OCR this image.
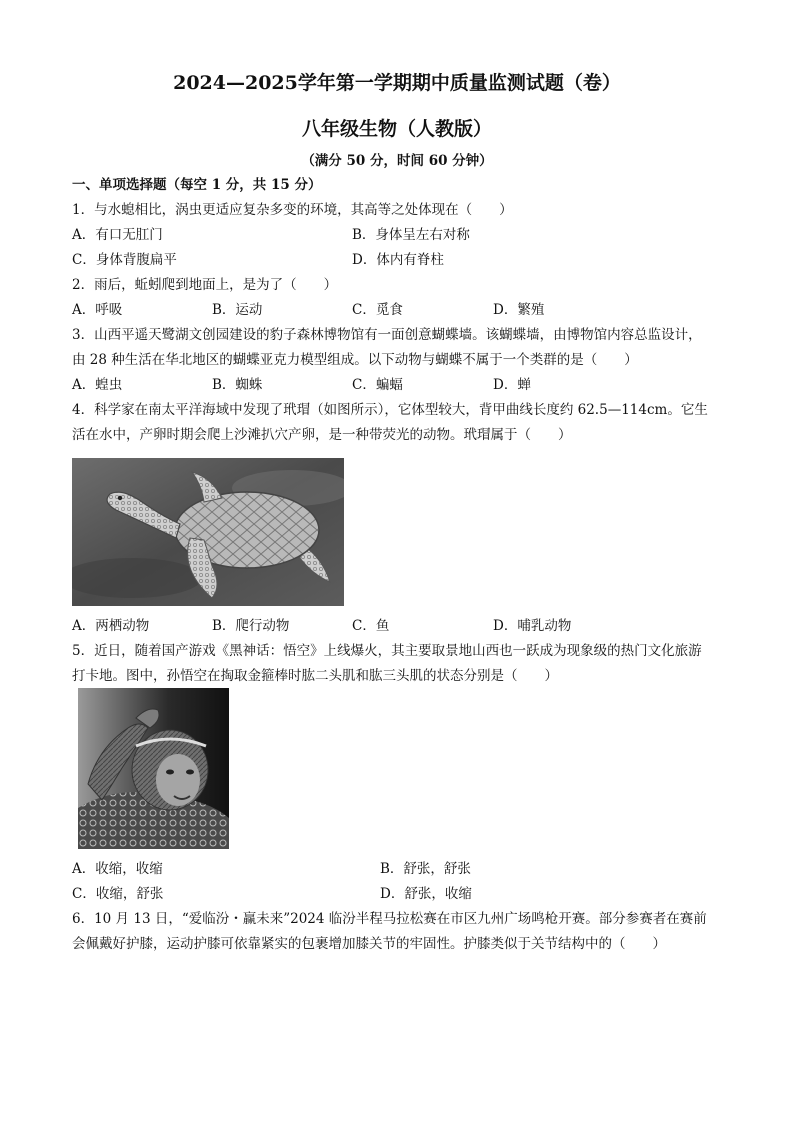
2024—2025学年第一学期期中质量监测试题（卷）
八年级生物（人教版）
（满分 50 分，时间 60 分钟）
一、单项选择题（每空 1 分，共 15 分）
1．与水螅相比，涡虫更适应复杂多变的环境，其高等之处体现在（　　）
A．有口无肛门	B．身体呈左右对称
C．身体背腹扁平	D．体内有脊柱
2．雨后，蚯蚓爬到地面上，是为了（　　）
A．呼吸	B．运动	C．觅食	D．繁殖
3．山西平遥天鹭湖文创园建设的豹子森林博物馆有一面创意蝴蝶墙。该蝴蝶墙，由博物馆内容总监设计，
由 28 种生活在华北地区的蝴蝶亚克力模型组成。以下动物与蝴蝶不属于一个类群的是（　　）
A．蝗虫	B．蜘蛛	C．蝙蝠	D．蝉
4．科学家在南太平洋海域中发现了玳瑁（如图所示），它体型较大，背甲曲线长度约 62.5—114cm。它生
活在水中，产卵时期会爬上沙滩扒穴产卵，是一种带荧光的动物。玳瑁属于（　　）
A．两栖动物	B．爬行动物	C．鱼	D．哺乳动物
5．近日，随着国产游戏《黑神话：悟空》上线爆火，其主要取景地山西也一跃成为现象级的热门文化旅游
打卡地。图中，孙悟空在掏取金箍棒时肱二头肌和肱三头肌的状态分别是（　　）
A．收缩，收缩	B．舒张，舒张
C．收缩，舒张	D．舒张，收缩
6．10 月 13 日，“爱临汾・赢未来”2024 临汾半程马拉松赛在市区九州广场鸣枪开赛。部分参赛者在赛前
会佩戴好护膝，运动护膝可依靠紧实的包裹增加膝关节的牢固性。护膝类似于关节结构中的（　　）
